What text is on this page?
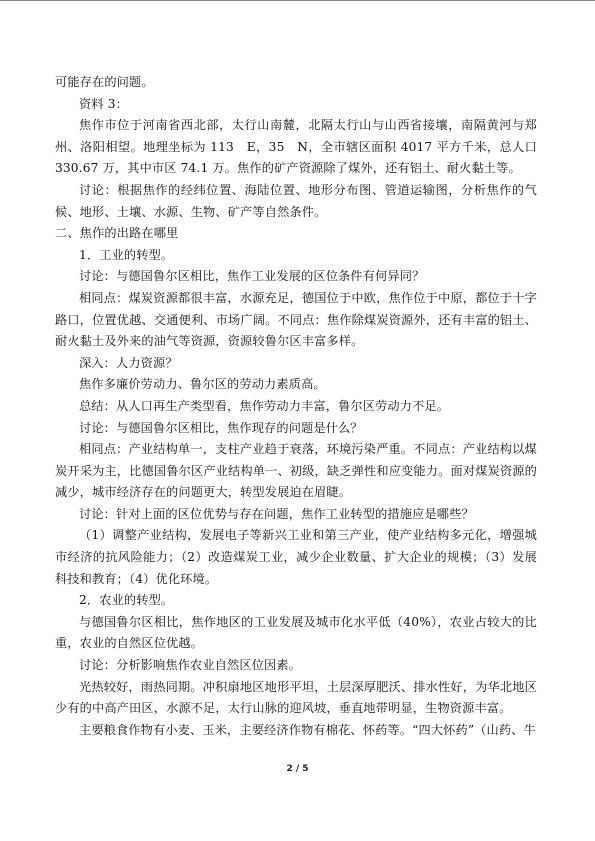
可能存在的问题。

资料 3：

焦作市位于河南省西北部，太行山南麓，北隔太行山与山西省接壤，南隔黄河与郑州、洛阳相望。地理坐标为 113　E，35　N，全市辖区面积 4017 平方千米，总人口 330.67 万，其中市区 74.1 万。焦作的矿产资源除了煤外，还有铝土、耐火黏土等。

讨论：根据焦作的经纬位置、海陆位置、地形分布图、管道运输图，分析焦作的气候、地形、土壤、水源、生物、矿产等自然条件。

二、焦作的出路在哪里

1．工业的转型。

讨论：与德国鲁尔区相比，焦作工业发展的区位条件有何异同？

相同点：煤炭资源都很丰富，水源充足，德国位于中欧，焦作位于中原，都位于十字路口，位置优越、交通便利、市场广阔。不同点：焦作除煤炭资源外，还有丰富的铝土、耐火黏土及外来的油气等资源，资源较鲁尔区丰富多样。

深入：人力资源？

焦作多廉价劳动力、鲁尔区的劳动力素质高。

总结：从人口再生产类型看，焦作劳动力丰富，鲁尔区劳动力不足。

讨论：与德国鲁尔区相比，焦作现存的问题是什么？

相同点：产业结构单一，支柱产业趋于衰落，环境污染严重。不同点：产业结构以煤炭开采为主，比德国鲁尔区产业结构单一、初级，缺乏弹性和应变能力。面对煤炭资源的减少，城市经济存在的问题更大，转型发展迫在眉睫。

讨论：针对上面的区位优势与存在问题，焦作工业转型的措施应是哪些？

（1）调整产业结构，发展电子等新兴工业和第三产业，使产业结构多元化，增强城市经济的抗风险能力；（2）改造煤炭工业，减少企业数量、扩大企业的规模；（3）发展科技和教育；（4）优化环境。

2．农业的转型。

与德国鲁尔区相比，焦作地区的工业发展及城市化水平低（40%），农业占较大的比重，农业的自然区位优越。

讨论：分析影响焦作农业自然区位因素。

光热较好，雨热同期。冲积扇地区地形平坦，土层深厚肥沃、排水性好，为华北地区少有的中高产田区，水源不足，太行山脉的迎风坡，垂直地带明显，生物资源丰富。

主要粮食作物有小麦、玉米，主要经济作物有棉花、怀药等。“四大怀药”（山药、牛

2 / 5
